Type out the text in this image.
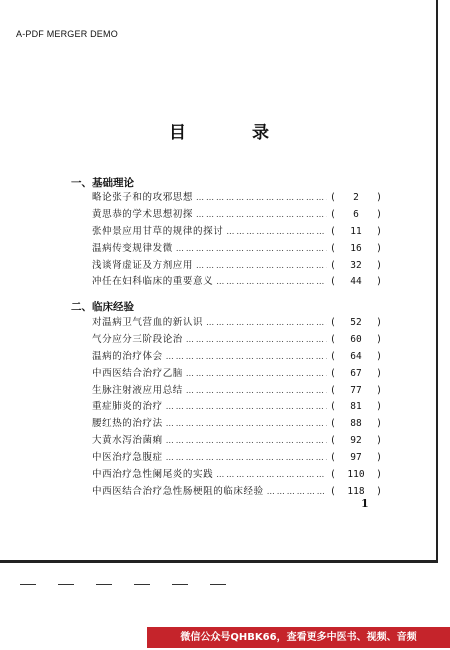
A-PDF MERGER DEMO
目 录
一、基础理论
略论张子和的攻邪思想 ……………………………………………………………………………	( 2 )
黄思恭的学术思想初探 ……………………………………………………………………………	( 6 )
张仲景应用甘草的规律的探讨 ……………………………………………………………………………	( 11 )
温病传变规律发微 ……………………………………………………………………………	( 16 )
浅谈肾虚证及方剂应用 ……………………………………………………………………………	( 32 )
冲任在妇科临床的重要意义 ……………………………………………………………………………	( 44 )
二、临床经验
对温病卫气营血的新认识 ……………………………………………………………………………	( 52 )
气分应分三阶段论治 ……………………………………………………………………………	( 60 )
温病的治疗体会 ……………………………………………………………………………	( 64 )
中西医结合治疗乙脑 ……………………………………………………………………………	( 67 )
生脉注射液应用总结 ……………………………………………………………………………	( 77 )
重症肺炎的治疗 ……………………………………………………………………………	( 81 )
腰红热的治疗法 ……………………………………………………………………………	( 88 )
大黄水泻治菌痢 ……………………………………………………………………………	( 92 )
中医治疗急腹症 ……………………………………………………………………………	( 97 )
中西治疗急性阑尾炎的实践 ……………………………………………………………………………	( 110 )
中西医结合治疗急性肠梗阻的临床经验 ……………………………………………………………………………	( 118 )
1
微信公众号QHBK66，查看更多中医书、视频、音频
